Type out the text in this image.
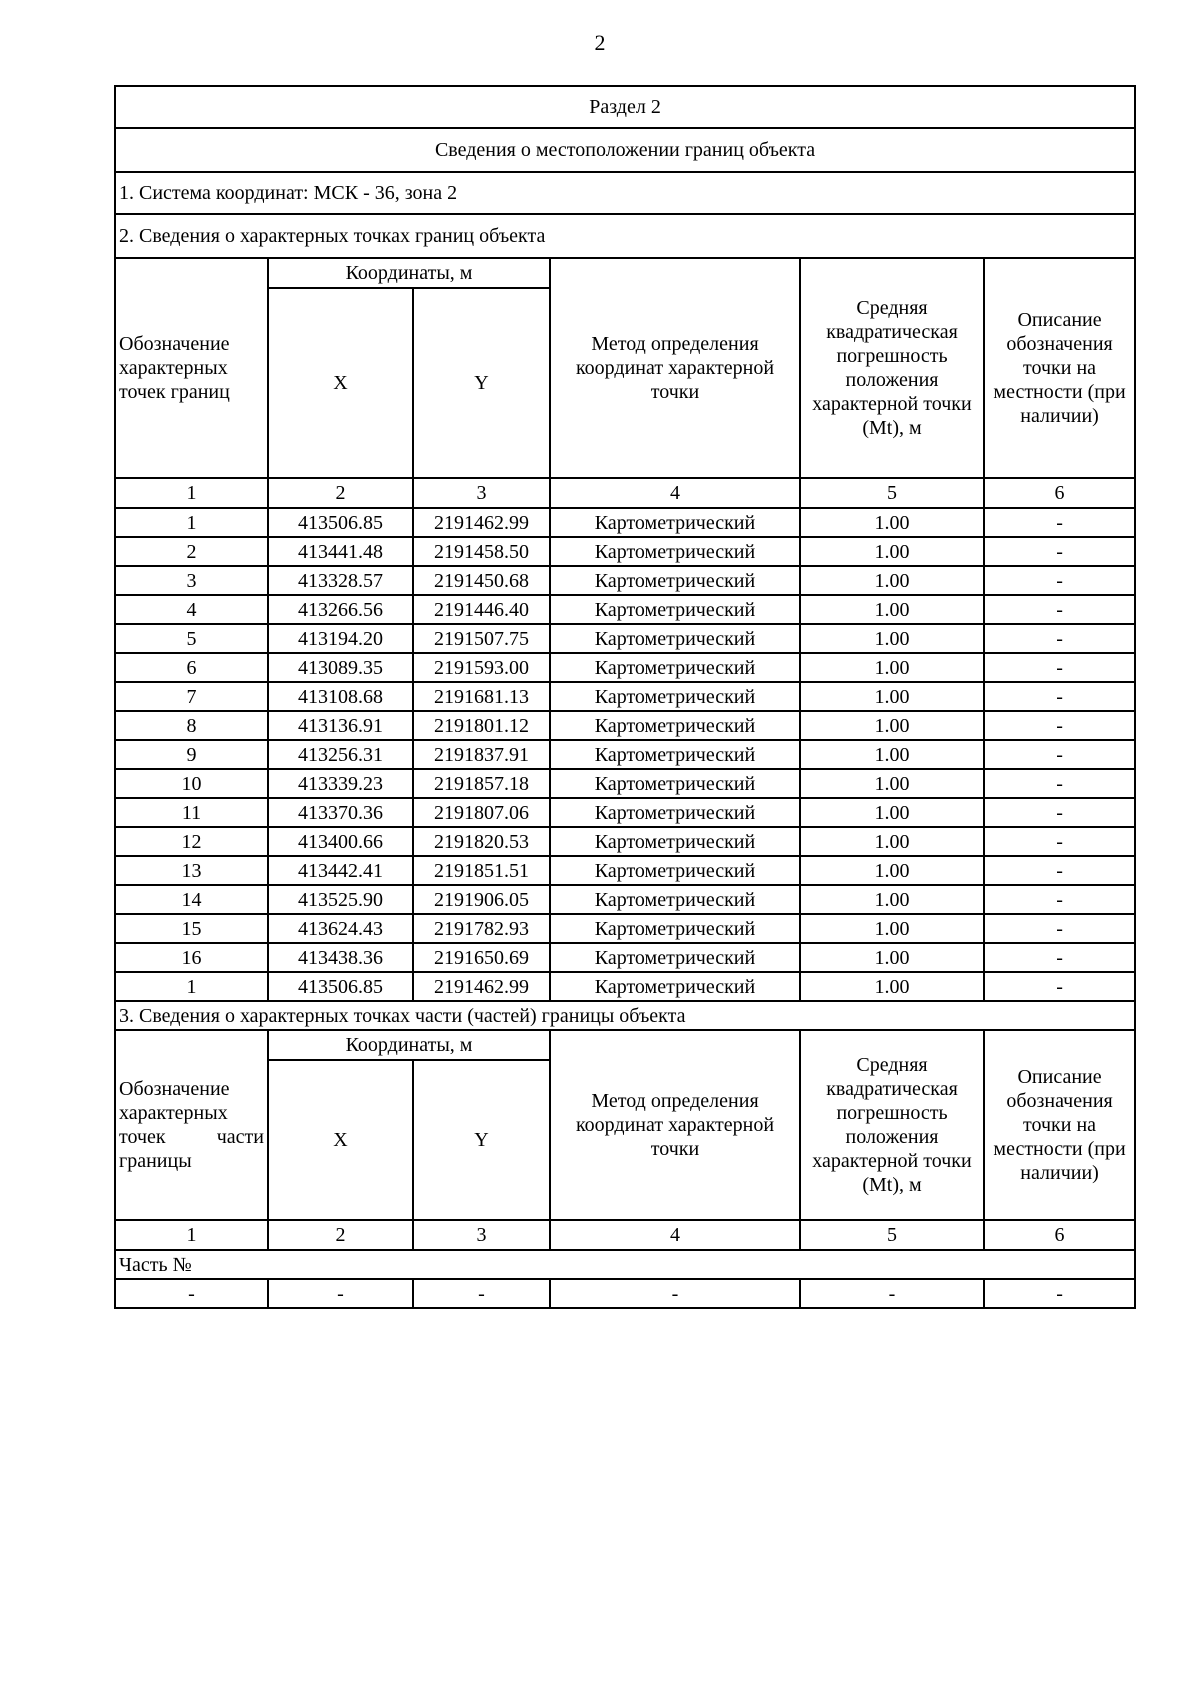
2
Раздел 2					
Сведения о местоположении границ объекта					
1. Система координат: МСК - 36, зона 2					
2. Сведения о характерных точках границ объекта					
Обозначение характерных точек границ	Координаты, м		Метод определения координат характерной точки	Средняя квадратическая погрешность положения характерной точки (Mt), м	Описание обозначения точки на местности (при наличии)
	X	Y			
1	2	3	4	5	6
1	413506.85	2191462.99	Картометрический	1.00	-
2	413441.48	2191458.50	Картометрический	1.00	-
3	413328.57	2191450.68	Картометрический	1.00	-
4	413266.56	2191446.40	Картометрический	1.00	-
5	413194.20	2191507.75	Картометрический	1.00	-
6	413089.35	2191593.00	Картометрический	1.00	-
7	413108.68	2191681.13	Картометрический	1.00	-
8	413136.91	2191801.12	Картометрический	1.00	-
9	413256.31	2191837.91	Картометрический	1.00	-
10	413339.23	2191857.18	Картометрический	1.00	-
11	413370.36	2191807.06	Картометрический	1.00	-
12	413400.66	2191820.53	Картометрический	1.00	-
13	413442.41	2191851.51	Картометрический	1.00	-
14	413525.90	2191906.05	Картометрический	1.00	-
15	413624.43	2191782.93	Картометрический	1.00	-
16	413438.36	2191650.69	Картометрический	1.00	-
1	413506.85	2191462.99	Картометрический	1.00	-
3. Сведения о характерных точках части (частей) границы объекта					
Обозначение характерных точек части границы	Координаты, м		Метод определения координат характерной точки	Средняя квадратическая погрешность положения характерной точки (Mt), м	Описание обозначения точки на местности (при наличии)
	X	Y			
1	2	3	4	5	6
Часть №					
-	-	-	-	-	-
